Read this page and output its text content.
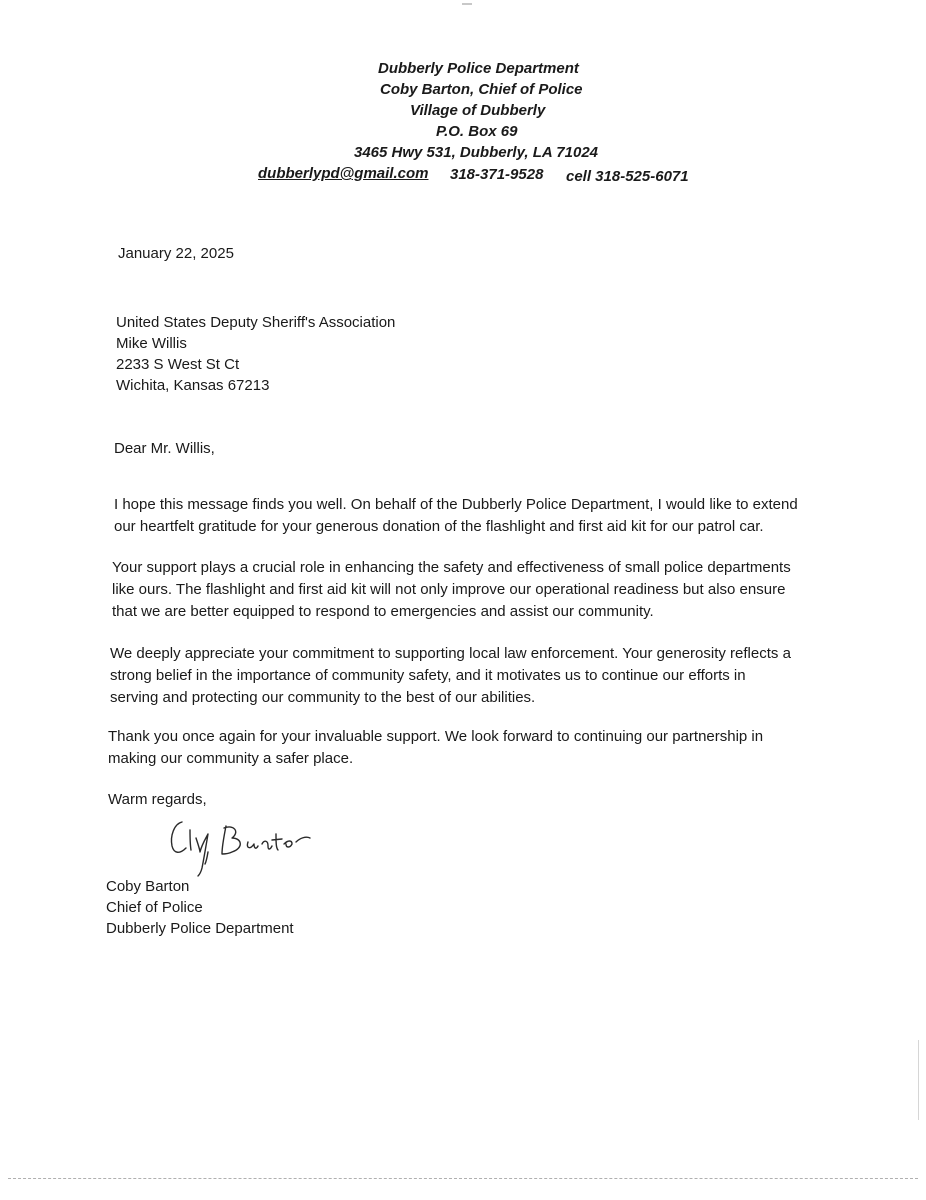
Dubberly Police Department
Coby Barton, Chief of Police
Village of Dubberly
P.O. Box 69
3465 Hwy 531, Dubberly, LA 71024
dubberlypd@gmail.com 318-371-9528 cell 318-525-6071
January 22, 2025
United States Deputy Sheriff's Association
Mike Willis
2233 S West St Ct
Wichita, Kansas 67213
Dear Mr. Willis,
I hope this message finds you well. On behalf of the Dubberly Police Department, I would like to extend
our heartfelt gratitude for your generous donation of the flashlight and first aid kit for our patrol car.
Your support plays a crucial role in enhancing the safety and effectiveness of small police departments
like ours. The flashlight and first aid kit will not only improve our operational readiness but also ensure
that we are better equipped to respond to emergencies and assist our community.
We deeply appreciate your commitment to supporting local law enforcement. Your generosity reflects a
strong belief in the importance of community safety, and it motivates us to continue our efforts in
serving and protecting our community to the best of our abilities.
Thank you once again for your invaluable support. We look forward to continuing our partnership in
making our community a safer place.
Warm regards,
Coby Barton
Chief of Police
Dubberly Police Department
